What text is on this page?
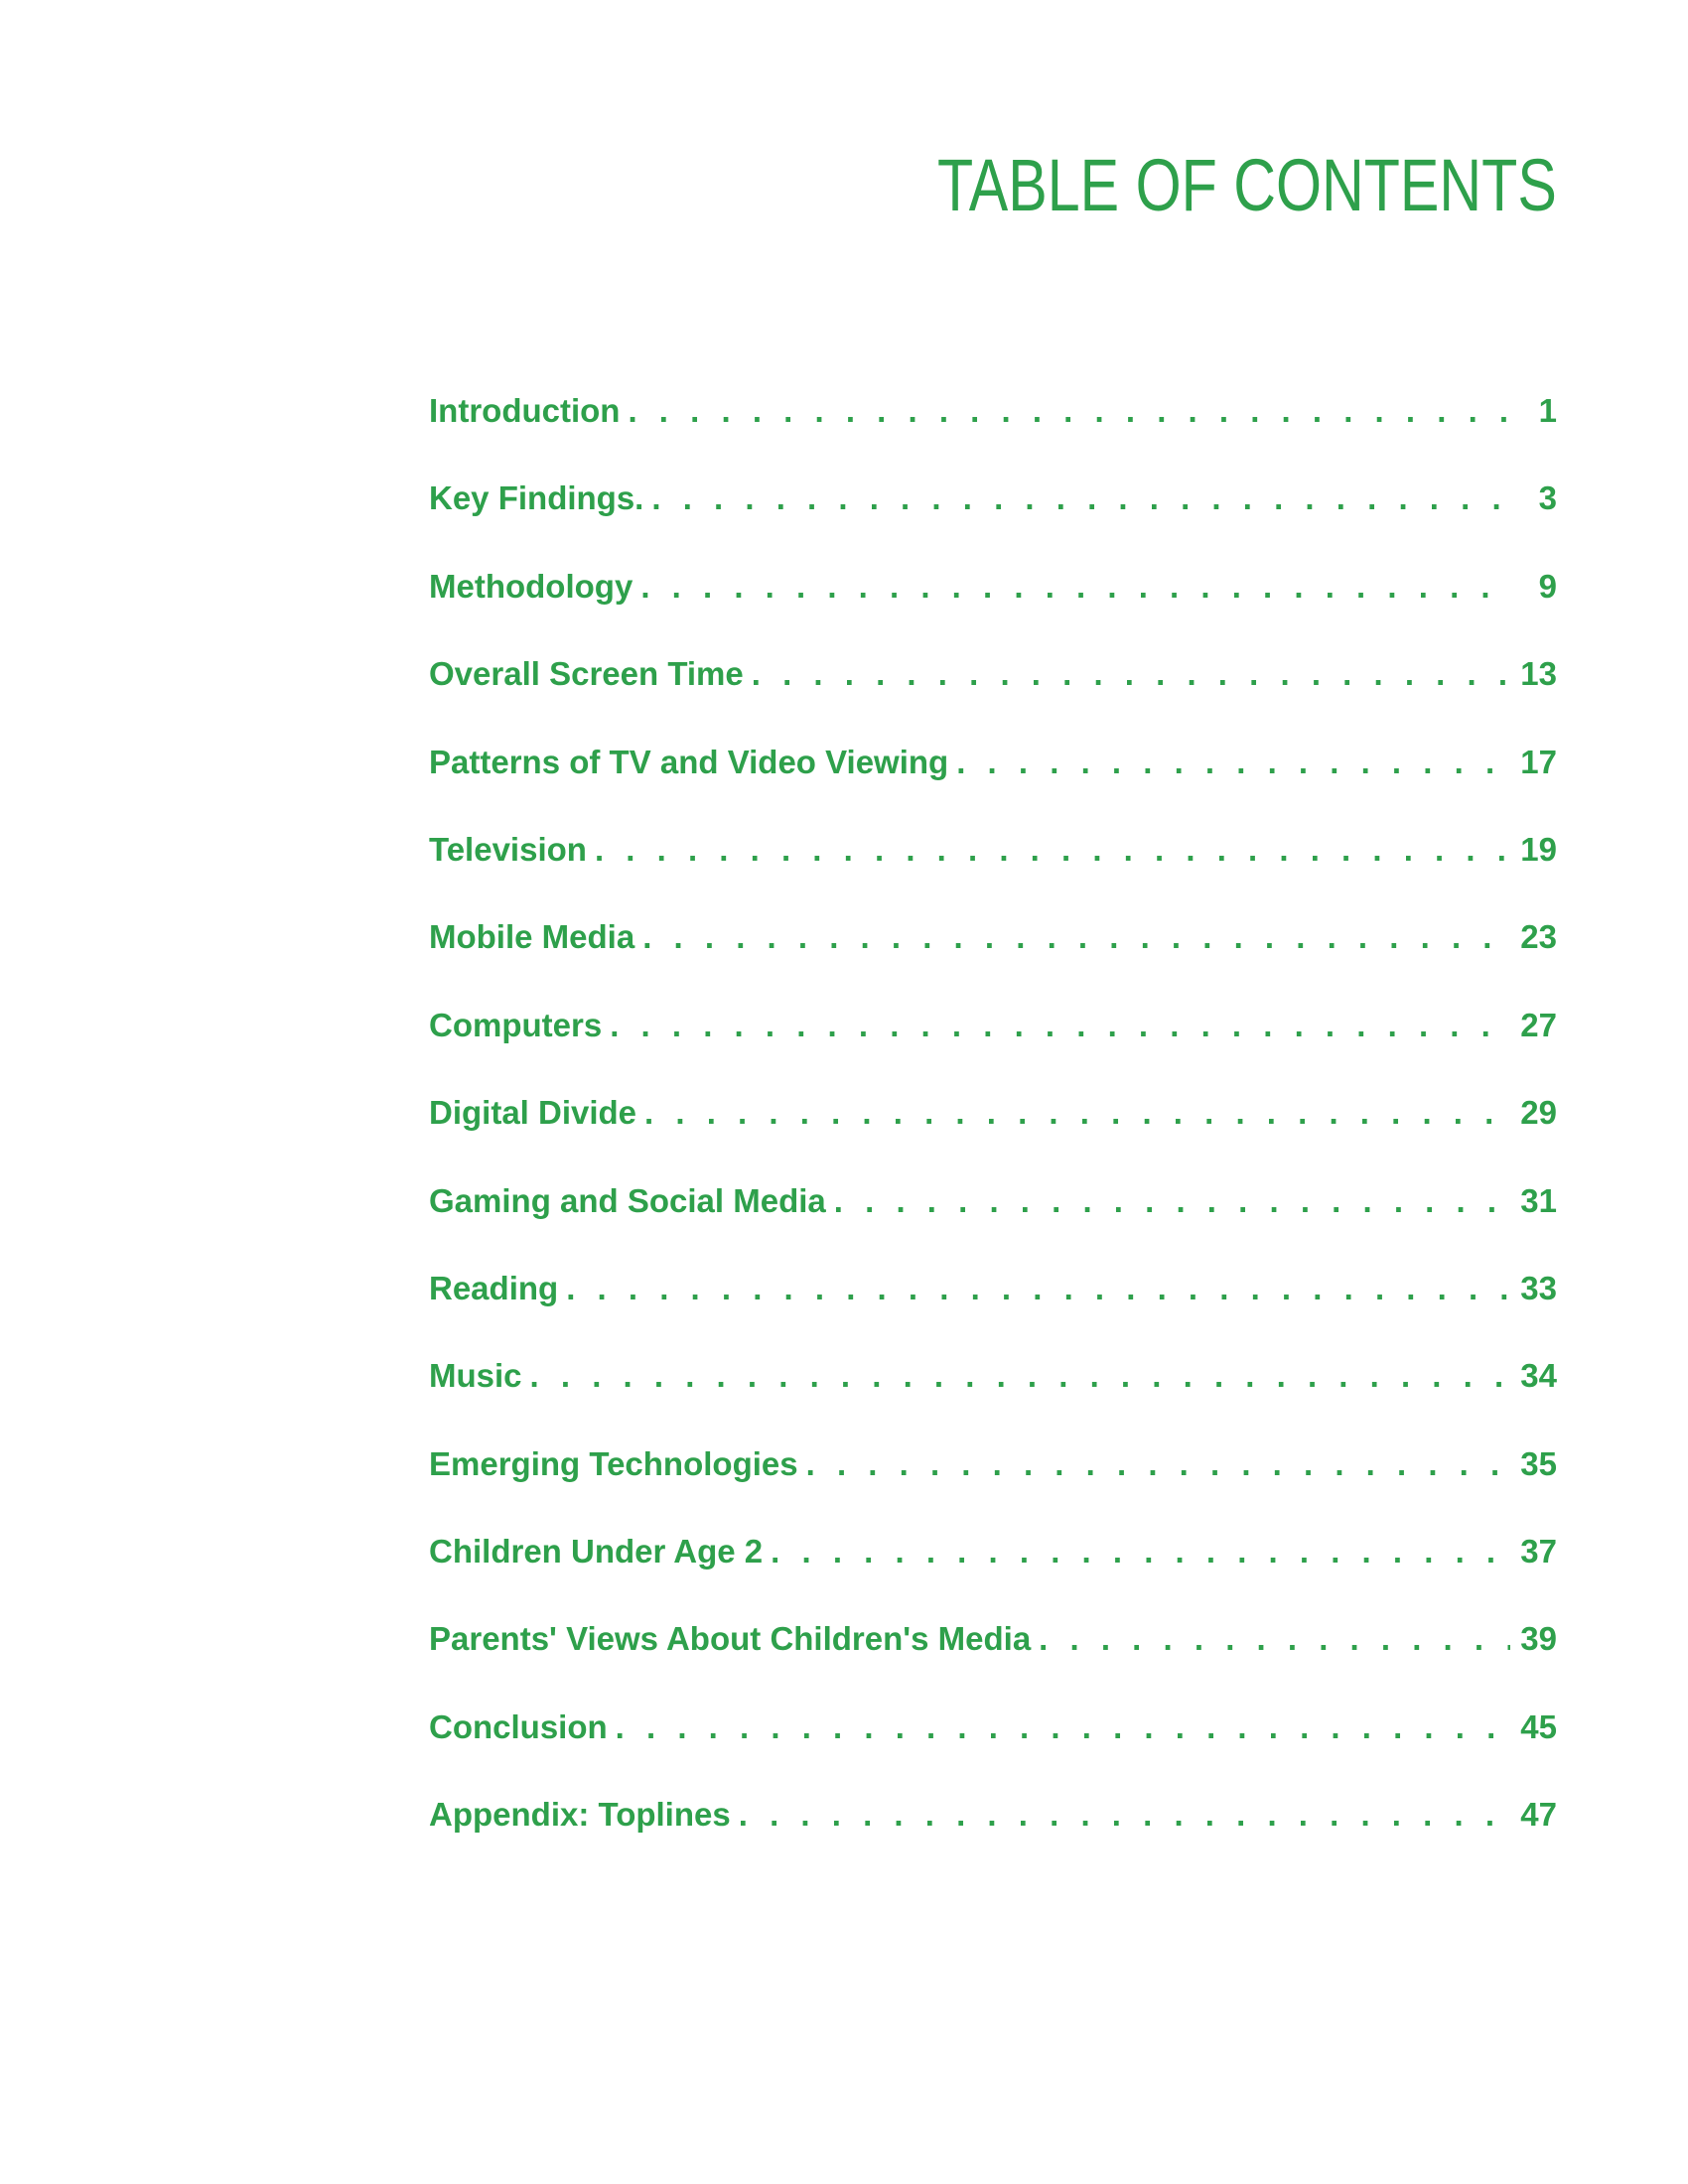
TABLE OF CONTENTS
Introduction . . .	1
Key Findings. . . .	3
Methodology . . .	9
Overall Screen Time . . .	13
Patterns of TV and Video Viewing . . .	17
Television . . .	19
Mobile Media . . .	23
Computers . . .	27
Digital Divide . . .	29
Gaming and Social Media . . .	31
Reading . . .	33
Music . . .	34
Emerging Technologies . . .	35
Children Under Age 2 . . .	37
Parents' Views About Children's Media . . .	39
Conclusion . . .	45
Appendix: Toplines . . .	47
